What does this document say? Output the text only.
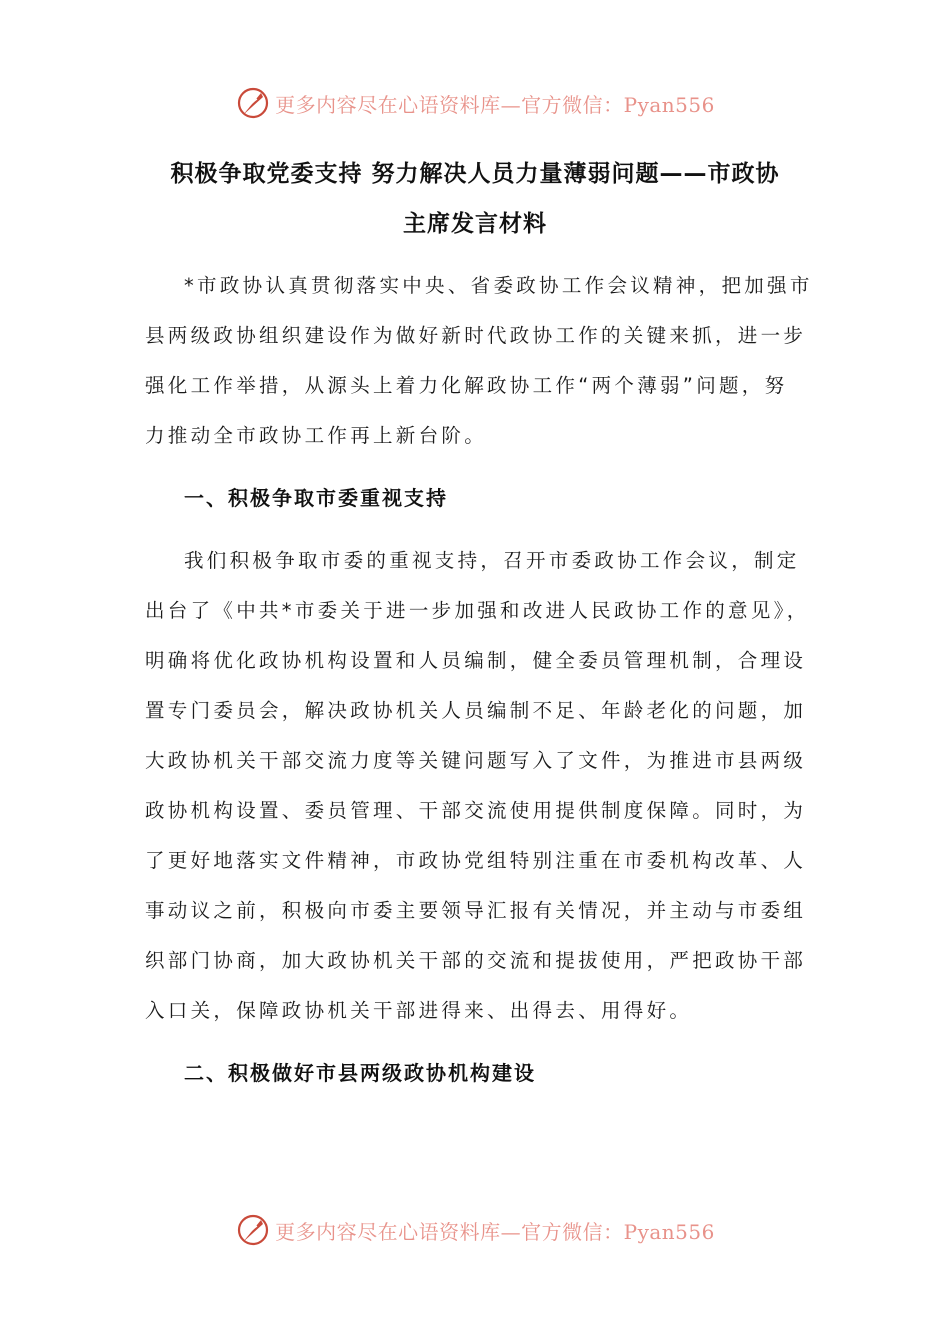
更多内容尽在心语资料库—官方微信：Pyan556
积极争取党委支持 努力解决人员力量薄弱问题——市政协
主席发言材料
*市政协认真贯彻落实中央、省委政协工作会议精神，把加强市
县两级政协组织建设作为做好新时代政协工作的关键来抓，进一步
强化工作举措，从源头上着力化解政协工作“两个薄弱”问题，努
力推动全市政协工作再上新台阶。
一、积极争取市委重视支持
我们积极争取市委的重视支持，召开市委政协工作会议，制定
出台了《中共*市委关于进一步加强和改进人民政协工作的意见》，
明确将优化政协机构设置和人员编制，健全委员管理机制，合理设
置专门委员会，解决政协机关人员编制不足、年龄老化的问题，加
大政协机关干部交流力度等关键问题写入了文件，为推进市县两级
政协机构设置、委员管理、干部交流使用提供制度保障。同时，为
了更好地落实文件精神，市政协党组特别注重在市委机构改革、人
事动议之前，积极向市委主要领导汇报有关情况，并主动与市委组
织部门协商，加大政协机关干部的交流和提拔使用，严把政协干部
入口关，保障政协机关干部进得来、出得去、用得好。
二、积极做好市县两级政协机构建设
更多内容尽在心语资料库—官方微信：Pyan556
